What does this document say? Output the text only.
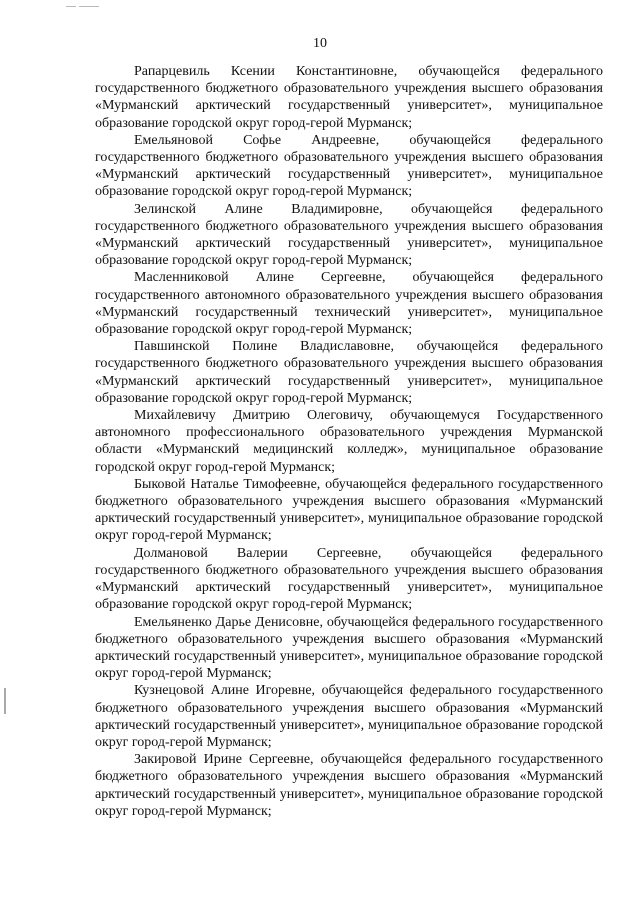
10

Рапарцевиль Ксении Константиновне, обучающейся федерального государственного бюджетного образовательного учреждения высшего образования «Мурманский арктический государственный университет», муниципальное образование городской округ город-герой Мурманск;

Емельяновой Софье Андреевне, обучающейся федерального государственного бюджетного образовательного учреждения высшего образования «Мурманский арктический государственный университет», муниципальное образование городской округ город-герой Мурманск;

Зелинской Алине Владимировне, обучающейся федерального государственного бюджетного образовательного учреждения высшего образования «Мурманский арктический государственный университет», муниципальное образование городской округ город-герой Мурманск;

Масленниковой Алине Сергеевне, обучающейся федерального государственного автономного образовательного учреждения высшего образования «Мурманский государственный технический университет», муниципальное образование городской округ город-герой Мурманск;

Павшинской Полине Владиславовне, обучающейся федерального государственного бюджетного образовательного учреждения высшего образования «Мурманский арктический государственный университет», муниципальное образование городской округ город-герой Мурманск;

Михайлевичу Дмитрию Олеговичу, обучающемуся Государственного автономного профессионального образовательного учреждения Мурманской области «Мурманский медицинский колледж», муниципальное образование городской округ город-герой Мурманск;

Быковой Наталье Тимофеевне, обучающейся федерального государственного бюджетного образовательного учреждения высшего образования «Мурманский арктический государственный университет», муниципальное образование городской округ город-герой Мурманск;

Долмановой Валерии Сергеевне, обучающейся федерального государственного бюджетного образовательного учреждения высшего образования «Мурманский арктический государственный университет», муниципальное образование городской округ город-герой Мурманск;

Емельяненко Дарье Денисовне, обучающейся федерального государственного бюджетного образовательного учреждения высшего образования «Мурманский арктический государственный университет», муниципальное образование городской округ город-герой Мурманск;

Кузнецовой Алине Игоревне, обучающейся федерального государственного бюджетного образовательного учреждения высшего образования «Мурманский арктический государственный университет», муниципальное образование городской округ город-герой Мурманск;

Закировой Ирине Сергеевне, обучающейся федерального государственного бюджетного образовательного учреждения высшего образования «Мурманский арктический государственный университет», муниципальное образование городской округ город-герой Мурманск;
